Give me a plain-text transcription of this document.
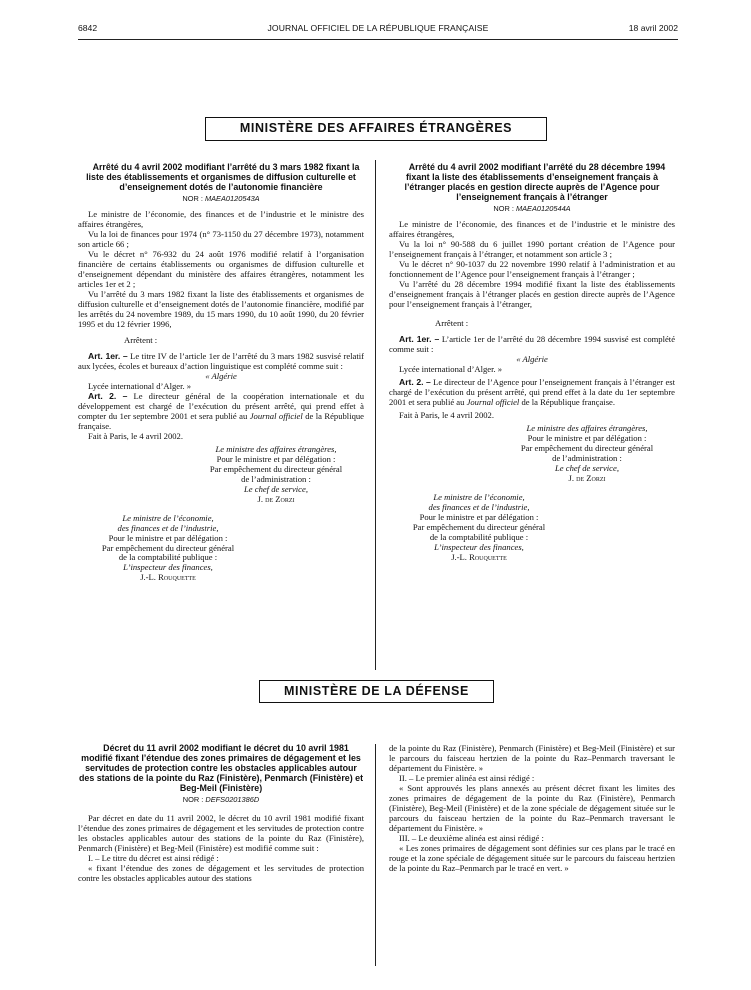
6842	JOURNAL OFFICIEL DE LA RÉPUBLIQUE FRANÇAISE	18 avril 2002
MINISTÈRE DES AFFAIRES ÉTRANGÈRES

Arrêté du 4 avril 2002 modifiant l’arrêté du 3 mars 1982 fixant la liste des établissements et organismes de diffusion culturelle et d’enseignement dotés de l’autonomie financière

NOR : MAEA0120543A

Le ministre de l’économie, des finances et de l’industrie et le ministre des affaires étrangères,

Vu la loi de finances pour 1974 (n° 73-1150 du 27 décembre 1973), notamment son article 66 ;

Vu le décret n° 76-932 du 24 août 1976 modifié relatif à l’organisation financière de certains établissements ou organismes de diffusion culturelle et d’enseignement dépendant du ministère des affaires étrangères, notamment les articles 1er et 2 ;

Vu l’arrêté du 3 mars 1982 fixant la liste des établissements et organismes de diffusion culturelle et d’enseignement dotés de l’autonomie financière, modifié par les arrêtés du 24 novembre 1989, du 15 mars 1990, du 10 août 1990, du 20 février 1995 et du 12 février 1996,

Arrêtent :

Art. 1er. – Le titre IV de l’article 1er de l’arrêté du 3 mars 1982 susvisé relatif aux lycées, écoles et bureaux d’action linguistique est complété comme suit :

« Algérie

Lycée international d’Alger. »

Art. 2. – Le directeur général de la coopération internationale et du développement est chargé de l’exécution du présent arrêté, qui prend effet à compter du 1er septembre 2001 et sera publié au Journal officiel de la République française.

Fait à Paris, le 4 avril 2002.

Le ministre des affaires étrangères,

Pour le ministre et par délégation :

Par empêchement du directeur général

de l’administration :

Le chef de service,

J. de Zorzi

Le ministre de l’économie,

des finances et de l’industrie,

Pour le ministre et par délégation :

Par empêchement du directeur général

de la comptabilité publique :

L’inspecteur des finances,

J.-L. Rouquette

Arrêté du 4 avril 2002 modifiant l’arrêté du 28 décembre 1994 fixant la liste des établissements d’enseignement français à l’étranger placés en gestion directe auprès de l’Agence pour l’enseignement français à l’étranger

NOR : MAEA0120544A

Le ministre de l’économie, des finances et de l’industrie et le ministre des affaires étrangères,

Vu la loi n° 90-588 du 6 juillet 1990 portant création de l’Agence pour l’enseignement français à l’étranger, et notamment son article 3 ;

Vu le décret n° 90-1037 du 22 novembre 1990 relatif à l’administration et au fonctionnement de l’Agence pour l’enseignement français à l’étranger ;

Vu l’arrêté du 28 décembre 1994 modifié fixant la liste des établissements d’enseignement français à l’étranger placés en gestion directe auprès de l’Agence pour l’enseignement français à l’étranger,

Arrêtent :

Art. 1er. – L’article 1er de l’arrêté du 28 décembre 1994 susvisé est complété comme suit :

« Algérie

Lycée international d’Alger. »

Art. 2. – Le directeur de l’Agence pour l’enseignement français à l’étranger est chargé de l’exécution du présent arrêté, qui prend effet à la date du 1er septembre 2001 et sera publié au Journal officiel de la République française.

Fait à Paris, le 4 avril 2002.

Le ministre des affaires étrangères,

Pour le ministre et par délégation :

Par empêchement du directeur général

de l’administration :

Le chef de service,

J. de Zorzi

Le ministre de l’économie,

des finances et de l’industrie,

Pour le ministre et par délégation :

Par empêchement du directeur général

de la comptabilité publique :

L’inspecteur des finances,

J.-L. Rouquette

MINISTÈRE DE LA DÉFENSE

Décret du 11 avril 2002 modifiant le décret du 10 avril 1981 modifié fixant l’étendue des zones primaires de dégagement et les servitudes de protection contre les obstacles applicables autour des stations de la pointe du Raz (Finistère), Penmarch (Finistère) et Beg-Meil (Finistère)

NOR : DEFS0201386D

Par décret en date du 11 avril 2002, le décret du 10 avril 1981 modifié fixant l’étendue des zones primaires de dégagement et les servitudes de protection contre les obstacles applicables autour des stations de la pointe du Raz (Finistère), Penmarch (Finistère) et Beg-Meil (Finistère) est modifié comme suit :

I. – Le titre du décret est ainsi rédigé :

« fixant l’étendue des zones de dégagement et les servitudes de protection contre les obstacles applicables autour des stations

de la pointe du Raz (Finistère), Penmarch (Finistère) et Beg-Meil (Finistère) et sur le parcours du faisceau hertzien de la pointe du Raz–Penmarch traversant le département du Finistère. »

II. – Le premier alinéa est ainsi rédigé :

« Sont approuvés les plans annexés au présent décret fixant les limites des zones primaires de dégagement de la pointe du Raz (Finistère), Penmarch (Finistère), Beg-Meil (Finistère) et de la zone spéciale de dégagement située sur le parcours du faisceau hertzien de la pointe du Raz–Penmarch traversant le département du Finistère. »

III. – Le deuxième alinéa est ainsi rédigé :

« Les zones primaires de dégagement sont définies sur ces plans par le tracé en rouge et la zone spéciale de dégagement située sur le parcours du faisceau hertzien de la pointe du Raz–Penmarch par le tracé en vert. »
